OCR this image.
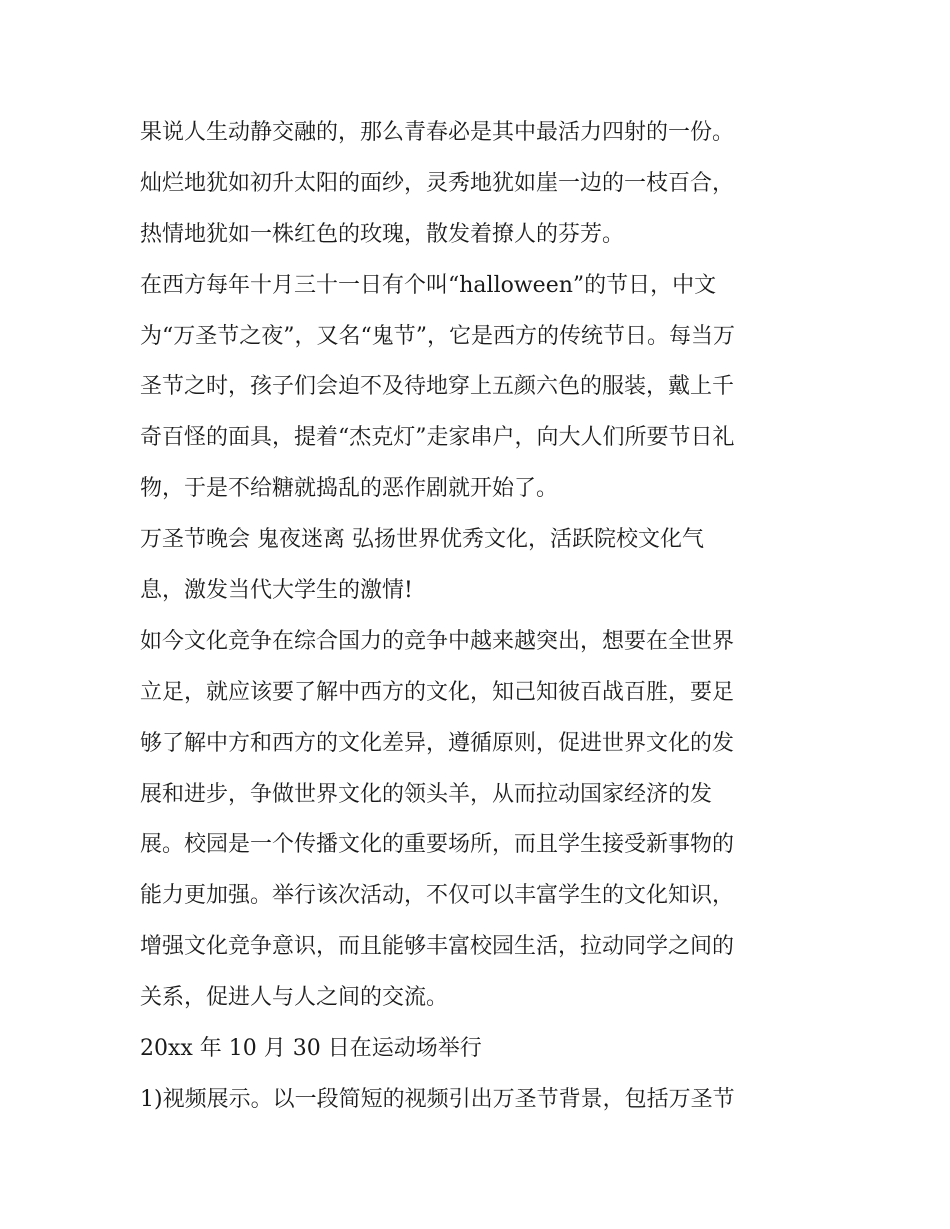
果说人生动静交融的，那么青春必是其中最活力四射的一份。
灿烂地犹如初升太阳的面纱，灵秀地犹如崖一边的一枝百合，
热情地犹如一株红色的玫瑰，散发着撩人的芬芳。
在西方每年十月三十一日有个叫“halloween”的节日，中文
为“万圣节之夜”，又名“鬼节”，它是西方的传统节日。每当万
圣节之时，孩子们会迫不及待地穿上五颜六色的服装，戴上千
奇百怪的面具，提着“杰克灯”走家串户，向大人们所要节日礼
物，于是不给糖就捣乱的恶作剧就开始了。
万圣节晚会 鬼夜迷离 弘扬世界优秀文化，活跃院校文化气
息，激发当代大学生的激情!
如今文化竞争在综合国力的竞争中越来越突出，想要在全世界
立足，就应该要了解中西方的文化，知己知彼百战百胜，要足
够了解中方和西方的文化差异，遵循原则，促进世界文化的发
展和进步，争做世界文化的领头羊，从而拉动国家经济的发
展。校园是一个传播文化的重要场所，而且学生接受新事物的
能力更加强。举行该次活动，不仅可以丰富学生的文化知识，
增强文化竞争意识，而且能够丰富校园生活，拉动同学之间的
关系，促进人与人之间的交流。
20xx 年 10 月 30 日在运动场举行
1)视频展示。以一段简短的视频引出万圣节背景，包括万圣节
